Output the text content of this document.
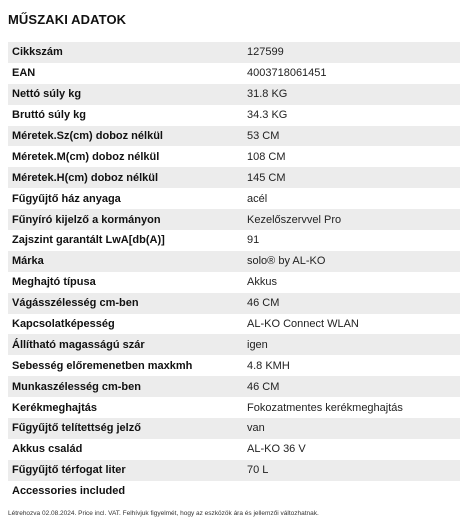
MŰSZAKI ADATOK
Cikkszám	127599
EAN	4003718061451
Nettó súly kg	31.8 KG
Bruttó súly kg	34.3 KG
Méretek.Sz(cm) doboz nélkül	53 CM
Méretek.M(cm) doboz nélkül	108 CM
Méretek.H(cm) doboz nélkül	145 CM
Fűgyűjtő ház anyaga	acél
Fűnyíró kijelző a kormányon	Kezelőszervvel Pro
Zajszint garantált LwA[db(A)]	91
Márka	solo® by AL-KO
Meghajtó típusa	Akkus
Vágásszélesség cm-ben	46 CM
Kapcsolatképesség	AL-KO Connect WLAN
Állítható magasságú szár	igen
Sebesség előremenetben maxkmh	4.8 KMH
Munkaszélesség cm-ben	46 CM
Kerékmeghajtás	Fokozatmentes kerékmeghajtás
Fűgyűjtő telítettség jelző	van
Akkus család	AL-KO 36 V
Fűgyűjtő térfogat liter	70 L
Accessories included	
Létrehozva 02.08.2024. Price incl. VAT. Felhívjuk figyelmét, hogy az eszközök ára és jellemzői változhatnak.
